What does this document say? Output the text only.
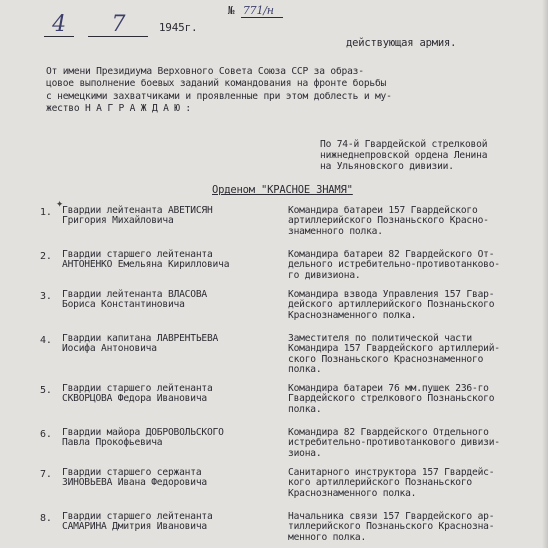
№ 771/н
4 7	1945г.
действующая армия.
От имени Президиума Верховного Совета Союза ССР за образ-
цовое выполнение боевых заданий командования на фронте борьбы
с немецкими захватчиками и проявленные при этом доблесть и му-
жество Н А Г Р А Ж Д А Ю :
По 74-й Гвардейской стрелковой
нижнеднепровской ордена Ленина
на Ульяновского дивизии.
Орденом "КРАСНОЕ ЗНАМЯ"
1. Гвардии лейтенанта АВЕТИСЯН
Григория Михайловича
Командира батареи 157 Гвардейского
артиллерийского Познаньского Красно-
знаменного полка.
✦
2. Гвардии старшего лейтенанта
АНТОНЕНКО Емельяна Кирилловича
Командира батареи 82 Гвардейского От-
дельного истребительно-противотанково-
го дивизиона.
3. Гвардии лейтенанта ВЛАСОВА
Бориса Константиновича
Командира взвода Управления 157 Гвар-
дейского артиллерийского Познаньского
Краснознаменного полка.
4. Гвардии капитана ЛАВРЕНТЬЕВА
Иосифа Антоновича
Заместителя по политической части
Командира 157 Гвардейского артиллерий-
ского Познаньского Краснознаменного
полка.
5. Гвардии старшего лейтенанта
СКВОРЦОВА Федора Ивановича
Командира батареи 76 мм.пушек 236-го
Гвардейского стрелкового Познаньского
полка.
6. Гвардии майора ДОБРОВОЛЬСКОГО
Павла Прокофьевича
Командира 82 Гвардейского Отдельного
истребительно-противотанкового дивизи-
зиона.
7. Гвардии старшего сержанта
ЗИНОВЬЕВА Ивана Федоровича
Санитарного инструктора 157 Гвардейс-
кого артиллерийского Познаньского
Краснознаменного полка.
8. Гвардии старшего лейтенанта
САМАРИНА Дмитрия Ивановича
Начальника связи 157 Гвардейского ар-
тиллерийского Познаньского Краснозна-
менного полка.
